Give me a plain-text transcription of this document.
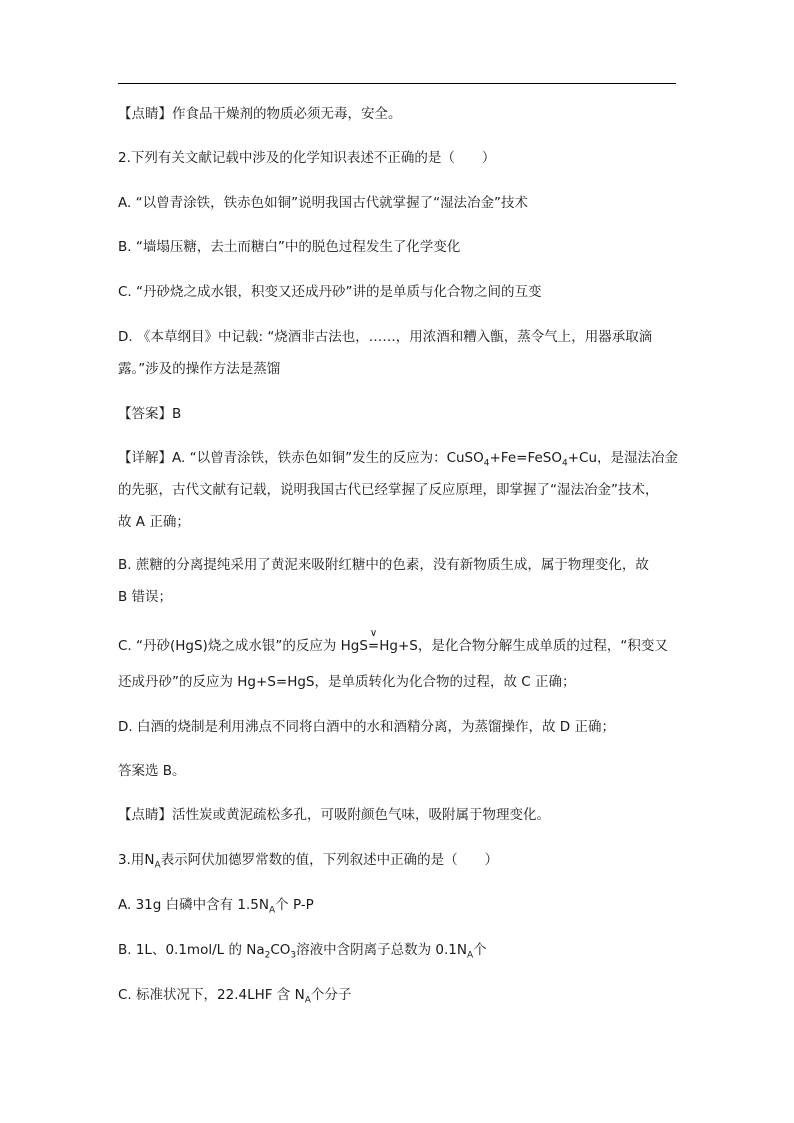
【点睛】作食品干燥剂的物质必须无毒，安全。
2.下列有关文献记载中涉及的化学知识表述不正确的是（　　）
A. “以曾青涂铁，铁赤色如铜”说明我国古代就掌握了“湿法冶金”技术
B. “墙塌压糖，去土而糖白”中的脱色过程发生了化学变化
C. “丹砂烧之成水银，积变又还成丹砂”讲的是单质与化合物之间的互变
D. 《本草纲目》中记载: “烧酒非古法也，……，用浓酒和糟入甑，蒸令气上，用器承取滴
露。”涉及的操作方法是蒸馏
【答案】B
【详解】A. “以曾青涂铁，铁赤色如铜”发生的反应为：CuSO$_4$+Fe=FeSO$_4$+Cu，是湿法冶金
的先驱，古代文献有记载，说明我国古代已经掌握了反应原理，即掌握了“湿法冶金”技术，
故 A 正确；
B. 蔗糖的分离提纯采用了黄泥来吸附红糖中的色素，没有新物质生成，属于物理变化，故
B 错误；
C. “丹砂(HgS)烧之成水银”的反应为 HgS
∨
=Hg+S，是化合物分解生成单质的过程，“积变又
还成丹砂”的反应为 Hg+S=HgS，是单质转化为化合物的过程，故 C 正确；
D. 白酒的烧制是利用沸点不同将白酒中的水和酒精分离，为蒸馏操作，故 D 正确；
答案选 B。
【点睛】活性炭或黄泥疏松多孔，可吸附颜色气味，吸附属于物理变化。
3.用$N_A$表示阿伏加德罗常数的值，下列叙述中正确的是（　　）
A. 31g 白磷中含有 $1.5N_A$个 P-P
B. 1L、0.1mol/L 的 $Na_2CO_3$溶液中含阴离子总数为 $0.1N_A$个
C. 标准状况下，22.4LHF 含 $N_A$个分子
